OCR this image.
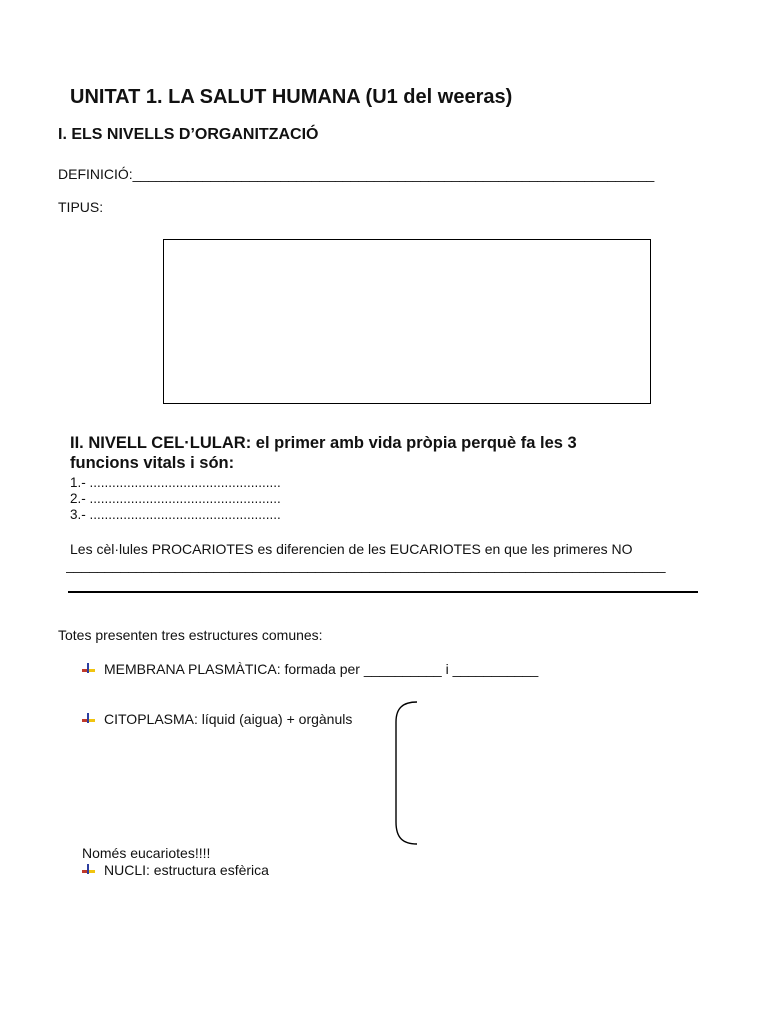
UNITAT 1. LA SALUT HUMANA (U1 del weeras)
I. ELS NIVELLS D’ORGANITZACIÓ
DEFINICIÓ:___________________________________________________________________
TIPUS:
II. NIVELL CEL·LULAR: el primer amb vida pròpia perquè fa les 3
funcions vitals i són:
1.- ...................................................
2.- ...................................................
3.- ...................................................
Les cèl·lules PROCARIOTES es diferencien de les EUCARIOTES en que les primeres NO
_____________________________________________________________________________
Totes presenten tres estructures comunes:
MEMBRANA PLASMÀTICA: formada per __________ i ___________
CITOPLASMA: líquid (aigua) + orgànuls
Només eucariotes!!!!
NUCLI: estructura esfèrica
